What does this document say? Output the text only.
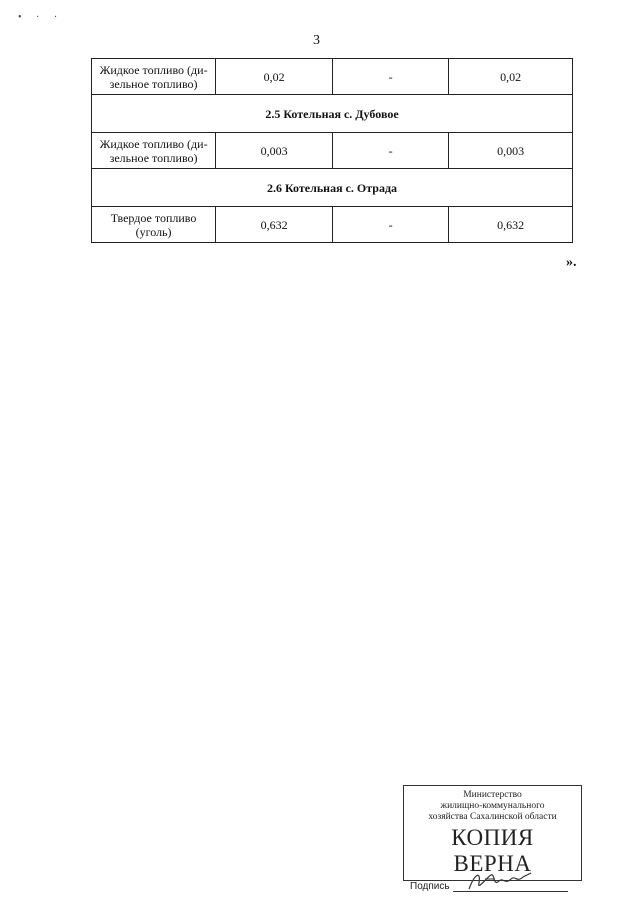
• · ·
3
Жидкое топливо (ди-зельное топливо)	0,02	-	0,02
2.5 Котельная с. Дубовое			
Жидкое топливо (ди-зельное топливо)	0,003	-	0,003
2.6 Котельная с. Отрада			
Твердое топливо (уголь)	0,632	-	0,632
».
Министерство
жилищно-коммунального
хозяйства Сахалинской области
КОПИЯ ВЕРНА
Подпись
